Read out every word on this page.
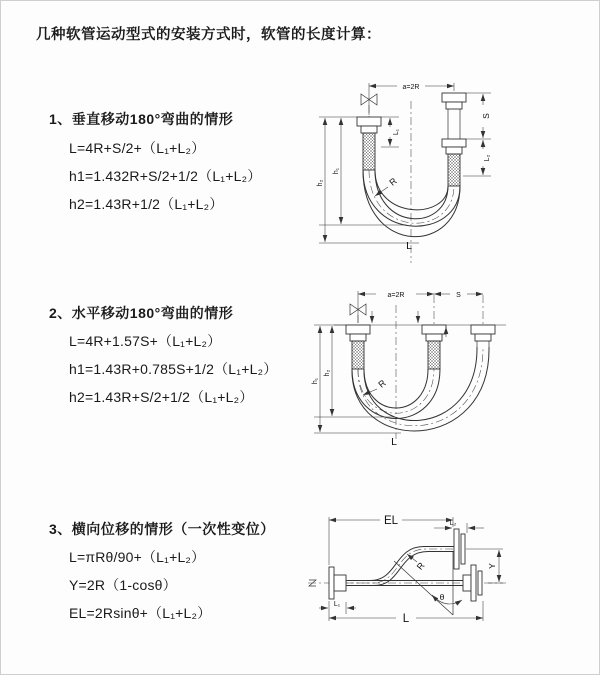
几种软管运动型式的安装方式时，软管的长度计算：
1、垂直移动180°弯曲的情形
L=4R+S/2+（L₁+L₂）
h1=1.432R+S/2+1/2（L₁+L₂）
h2=1.43R+1/2（L₁+L₂）
2、水平移动180°弯曲的情形
L=4R+1.57S+（L₁+L₂）
h1=1.43R+0.785S+1/2（L₁+L₂）
h2=1.43R+S/2+1/2（L₁+L₂）
3、横向位移的情形（一次性变位）
L=πRθ/90+（L₁+L₂）
Y=2R（1-cosθ）
EL=2Rsinθ+（L₁+L₂）
a=2R
L₁
S
L₂
h₁
h₂	R
L
a=2R	S
h₂
h₁	R
L
EL	L₂
Y
R
θ
L
L₁
